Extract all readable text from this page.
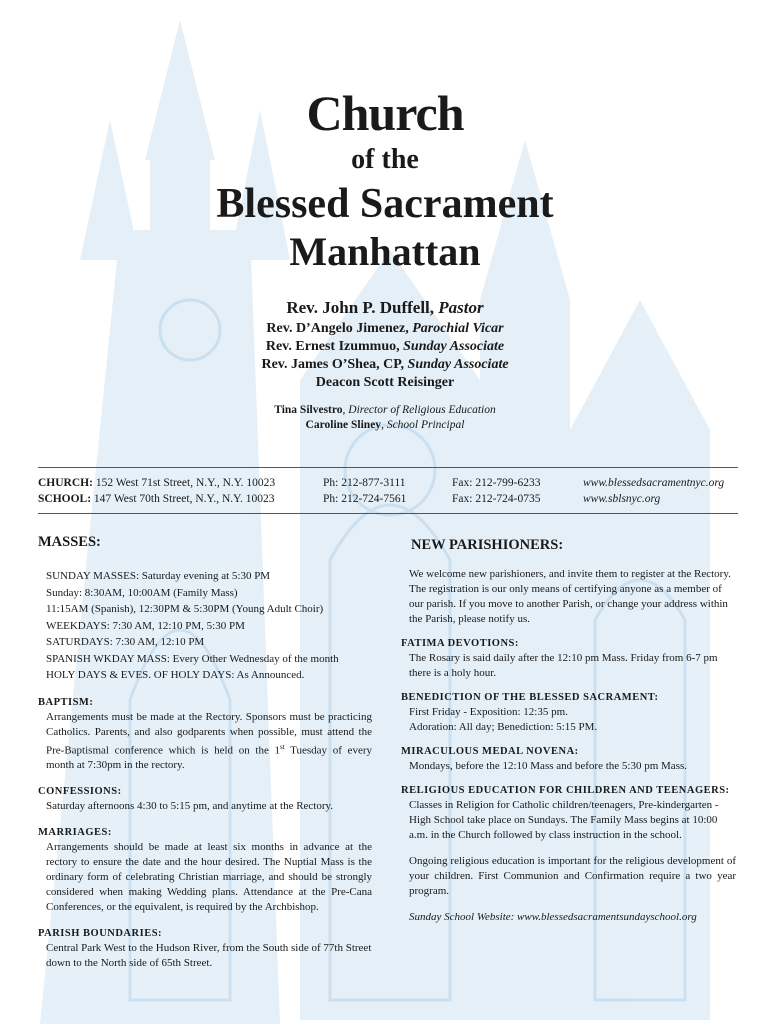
Church
of the
Blessed Sacrament
Manhattan
Rev. John P. Duffell, Pastor
Rev. D’Angelo Jimenez, Parochial Vicar
Rev. Ernest Izummuo, Sunday Associate
Rev. James O’Shea, CP, Sunday Associate
Deacon Scott Reisinger
Tina Silvestro, Director of Religious Education
Caroline Sliney, School Principal
CHURCH: 152 West 71st Street, N.Y., N.Y. 10023
SCHOOL: 147 West 70th Street, N.Y., N.Y. 10023
Ph: 212-877-3111
Ph: 212-724-7561
Fax: 212-799-6233
Fax: 212-724-0735
www.blessedsacramentnyc.org
www.sblsnyc.org
MASSES:
SUNDAY MASSES: Saturday evening at 5:30 PM
Sunday: 8:30AM, 10:00AM (Family Mass)
11:15AM (Spanish), 12:30PM & 5:30PM (Young Adult Choir)
WEEKDAYS: 7:30 AM, 12:10 PM, 5:30 PM
SATURDAYS: 7:30 AM, 12:10 PM
SPANISH WKDAY MASS: Every Other Wednesday of the month
HOLY DAYS & EVES. OF HOLY DAYS: As Announced.
BAPTISM:
Arrangements must be made at the Rectory. Sponsors must be practicing Catholics. Parents, and also godparents when possible, must attend the Pre-Baptismal conference which is held on the 1st Tuesday of every month at 7:30pm in the rectory.
CONFESSIONS:
Saturday afternoons 4:30 to 5:15 pm, and anytime at the Rectory.
MARRIAGES:
Arrangements should be made at least six months in advance at the rectory to ensure the date and the hour desired. The Nuptial Mass is the ordinary form of celebrating Christian marriage, and should be strongly considered when making Wedding plans. Attendance at the Pre-Cana Conferences, or the equivalent, is required by the Archbishop.
PARISH BOUNDARIES:
Central Park West to the Hudson River, from the South side of 77th Street down to the North side of 65th Street.
NEW PARISHIONERS:
We welcome new parishioners, and invite them to register at the Rectory. The registration is our only means of certifying anyone as a member of our parish. If you move to another Parish, or change your address within the Parish, please notify us.
FATIMA DEVOTIONS:
The Rosary is said daily after the 12:10 pm Mass. Friday from 6-7 pm there is a holy hour.
BENEDICTION OF THE BLESSED SACRAMENT:
First Friday - Exposition: 12:35 pm.
Adoration: All day; Benediction: 5:15 PM.
MIRACULOUS MEDAL NOVENA:
Mondays, before the 12:10 Mass and before the 5:30 pm Mass.
RELIGIOUS EDUCATION FOR CHILDREN AND TEENAGERS:
Classes in Religion for Catholic children/teenagers, Pre-kindergarten - High School take place on Sundays. The Family Mass begins at 10:00 a.m. in the Church followed by class instruction in the school.
Ongoing religious education is important for the religious development of your children. First Communion and Confirmation require a two year program.
Sunday School Website: www.blessedsacramentsundayschool.org
